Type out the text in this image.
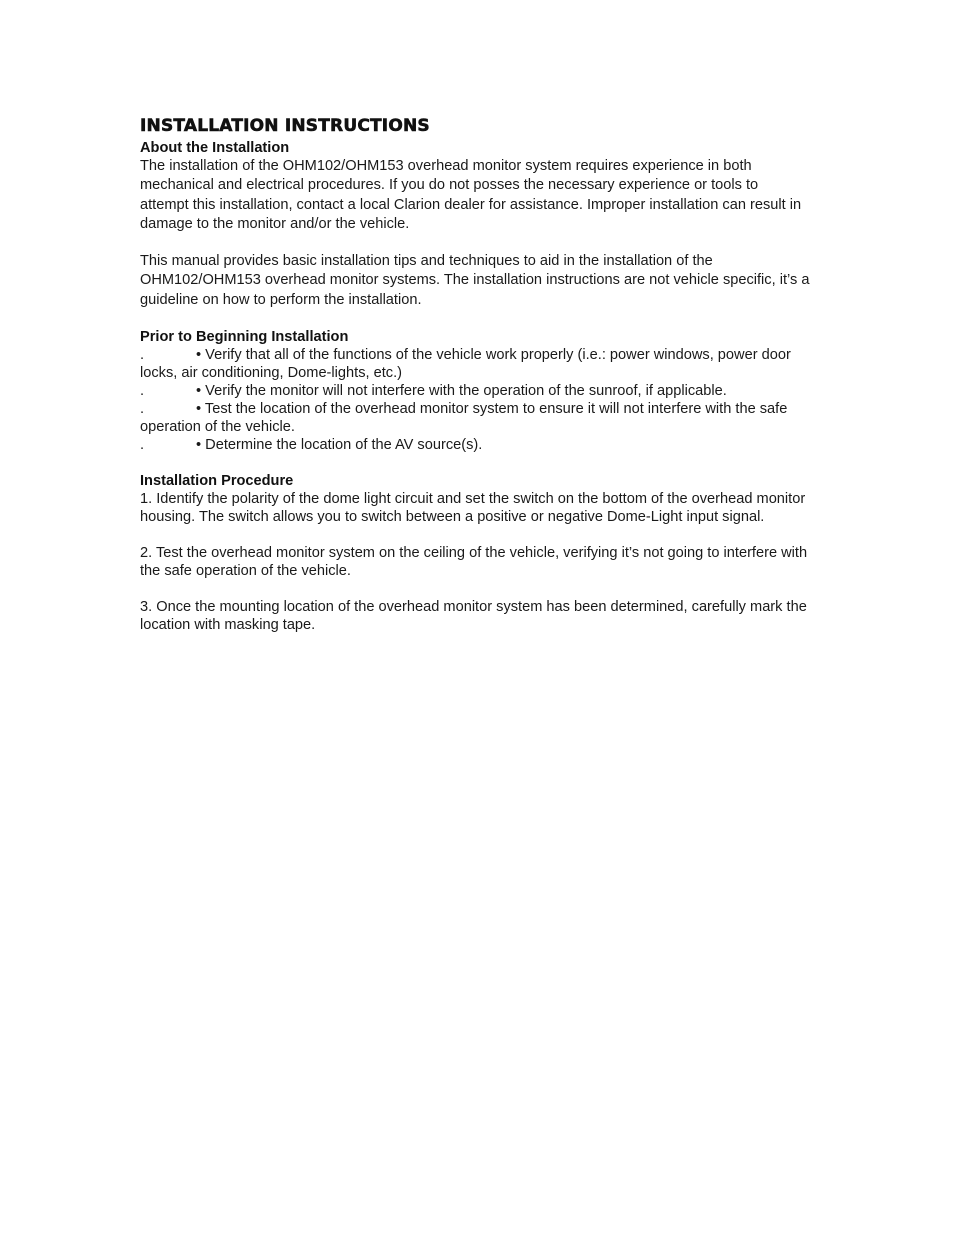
INSTALLATION INSTRUCTIONS
About the Installation

The installation of the OHM102/OHM153 overhead monitor system requires experience in both mechanical and electrical procedures. If you do not posses the necessary experience or tools to attempt this installation, contact a local Clarion dealer for assistance. Improper installation can result in damage to the monitor and/or the vehicle.

This manual provides basic installation tips and techniques to aid in the installation of the OHM102/OHM153 overhead monitor systems. The installation instructions are not vehicle specific, it’s a guideline on how to perform the installation.

Prior to Beginning Installation

.	• Verify that all of the functions of the vehicle work properly (i.e.: power windows, power door locks, air conditioning, Dome-lights, etc.)

.	• Verify the monitor will not interfere with the operation of the sunroof, if applicable.

.	• Test the location of the overhead monitor system to ensure it will not interfere with the safe operation of the vehicle.

.	• Determine the location of the AV source(s).

Installation Procedure

1. Identify the polarity of the dome light circuit and set the switch on the bottom of the overhead monitor housing. The switch allows you to switch between a positive or negative Dome-Light input signal.

2. Test the overhead monitor system on the ceiling of the vehicle, verifying it’s not going to interfere with the safe operation of the vehicle.

3. Once the mounting location of the overhead monitor system has been determined, carefully mark the location with masking tape.
